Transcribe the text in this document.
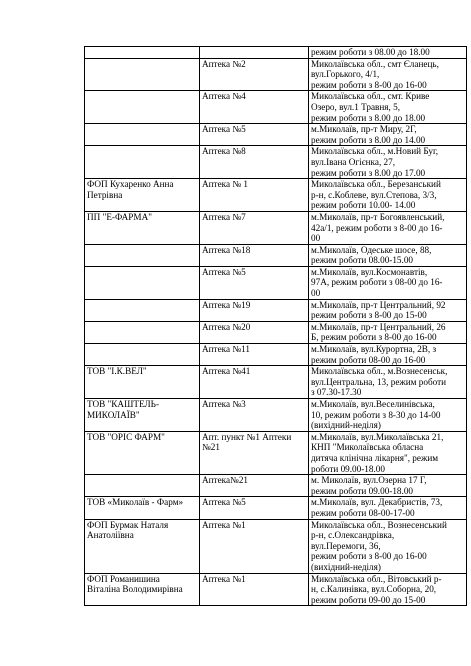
		режим роботи з 08.00 до 18.00

	Аптека №2	Миколаївська обл., смт Єланець,
вул.Горького, 4/1,
режим роботи з 8-00 до 16-00

	Аптека №4	Миколаївська обл., смт. Криве
Озеро, вул.1 Травня, 5,
режим роботи з 8.00 до 18.00

	Аптека №5	м.Миколаїв, пр-т Миру, 2Г,
режим роботи з 8.00 до 14.00

	Аптека №8	Миколаївська обл., м.Новий Буг,
вул.Івана Огієнка, 27,
режим роботи з 8.00 до 17.00

ФОП Кухаренко Анна
Петрівна	Аптека № 1	Миколаївська обл., Березанський
р-н, с.Коблеве, вул.Степова, 3/3,
режим роботи 10.00- 14.00

ПП "Е-ФАРМА"	Аптека №7	м.Миколаїв, пр-т Богоявленський,
42а/1, режим роботи з 8-00 до 16-
00

	Аптека №18	м.Миколаїв, Одеське шосе, 88,
режим роботи 08.00-15.00

	Аптека №5	м.Миколаїв, вул.Космонавтів,
97А, режим роботи з 08-00 до 16-
00

	Аптека №19	м.Миколаїв, пр-т Центральний, 92
режим роботи з 8-00 до 15-00

	Аптека №20	м.Миколаїв, пр-т Центральний, 26
Б, режим роботи з 8-00 до 16-00

	Аптека №11	м.Миколаїв, вул.Курортна, 2В, з
режим роботи 08-00 до 16-00

ТОВ "І.К.ВЕЛ"	Аптека №41	Миколаївська обл., м.Вознесенськ,
вул.Центральна, 13, режим роботи
з 07.30-17.30

ТОВ "КАШТЕЛЬ-
МИКОЛАЇВ"	Аптека №3	м.Миколаїв, вул.Веселинівська,
10, режим роботи з 8-30 до 14-00
(вихідний-неділя)

ТОВ "ОРІС ФАРМ"	Апт. пункт №1 Аптеки
№21	м.Миколаїв, вул.Миколаївська 21,
КНП "Миколаївська обласна
дитяча клінічна лікарня", режим
роботи 09.00-18.00

	Аптека№21	м. Миколаїв, вул.Озерна 17 Г,
режим роботи 09.00-18.00

ТОВ «Миколаїв - Фарм»	Аптека №5	м.Миколаїв, вул. Декабристів, 73,
режим роботи 08-00-17-00

ФОП Бурмак Наталя
Анатоліївна	Аптека №1	Миколаївська обл., Вознесенський
р-н, с.Олександрівка,
вул.Перемоги, 36,
режим роботи з 8-00 до 16-00
(вихідний-неділя)

ФОП Романишина
Віталіна Володимирівна	Аптека №1	Миколаївська обл., Вітовський р-
н, с.Калинівка, вул.Соборна, 20,
режим роботи 09-00 до 15-00
